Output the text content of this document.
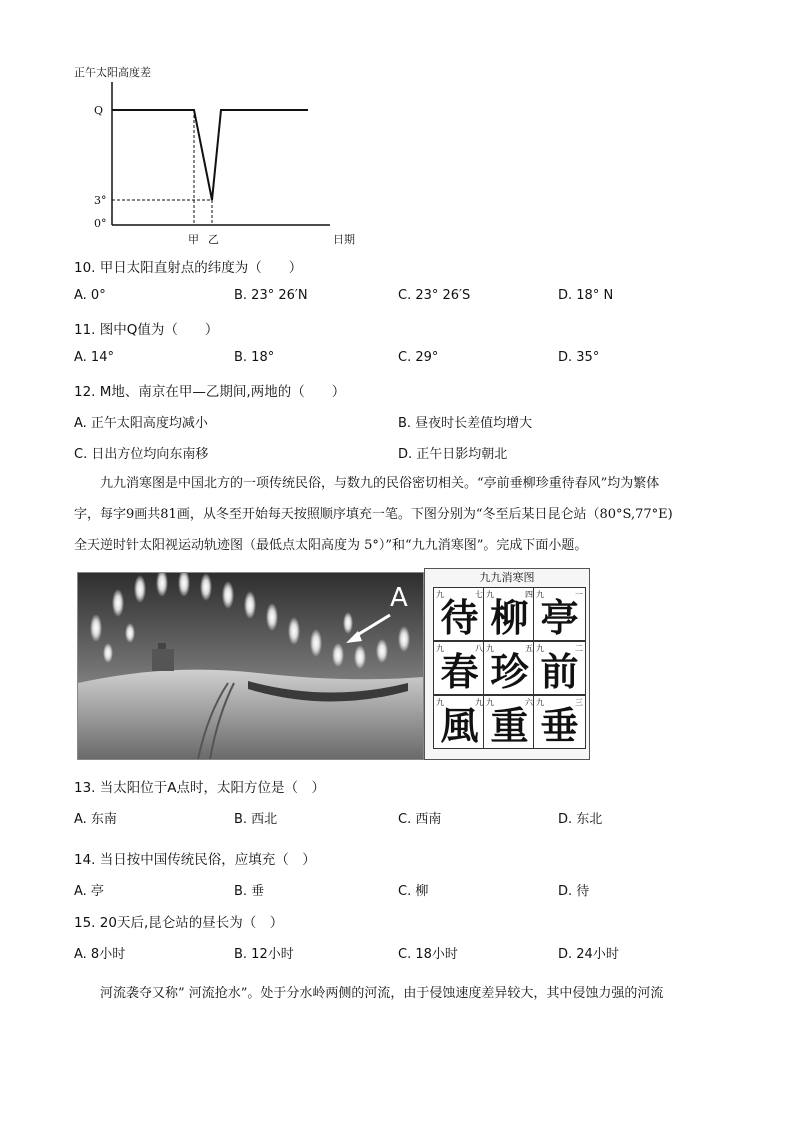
正午太阳高度差
Q
3°
0°
甲 乙	日期
10. 甲日太阳直射点的纬度为（　　）
A. 0°	B. 23° 26′N	C. 23° 26′S	D. 18° N
11. 图中Q值为（　　）
A. 14°	B. 18°	C. 29°	D. 35°
12. M地、南京在甲—乙期间,两地的（　　）
A. 正午太阳高度均减小	B. 昼夜时长差值均增大
C. 日出方位均向东南移	D. 正午日影均朝北

九九消寒图是中国北方的一项传统民俗，与数九的民俗密切相关。“亭前垂柳珍重待春风”均为繁体

字，每字9画共81画，从冬至开始每天按照顺序填充一笔。下图分别为“冬至后某日昆仑站（80°S,77°E)

全天逆时针太阳视运动轨迹图（最低点太阳高度为 5°）”和“九九消寒图”。完成下面小题。

A
九九消寒图
九	七
待
九	四
柳
九	一
亭
九	八
春
九	五
珍
九	二
前
九	九
風
九	六
重
九	三
垂
13. 当太阳位于A点时，太阳方位是（　）
A. 东南	B. 西北	C. 西南	D. 东北
14. 当日按中国传统民俗，应填充（　）
A. 亭	B. 垂	C. 柳	D. 待
15. 20天后,昆仑站的昼长为（　）
A. 8小时	B. 12小时	C. 18小时	D. 24小时
河流袭夺又称” 河流抢水”。处于分水岭两侧的河流，由于侵蚀速度差异较大，其中侵蚀力强的河流
